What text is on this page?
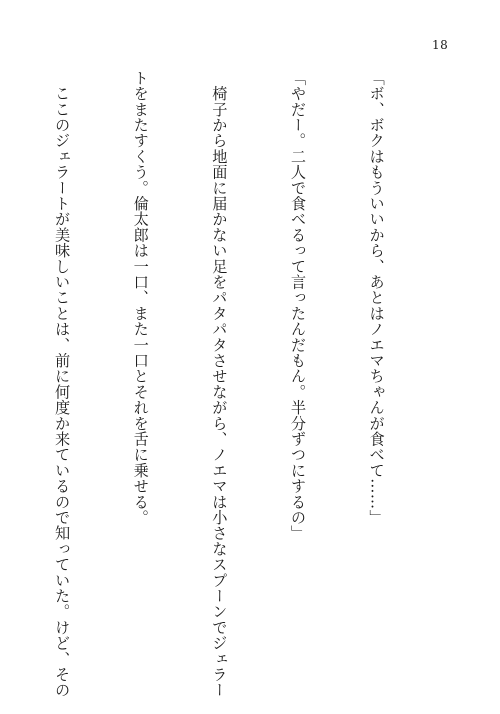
18

「ボ、ボクはもういいから、あとはノエマちゃんが食べて……」

「やだー。二人で食べるって言ったんだもん。半分ずつにするの」

　椅子から地面に届かない足をパタパタさせながら、ノエマは小さなスプーンでジェラー

トをまたすくう。倫太郎は一口、また一口とそれを舌に乗せる。

　ここのジェラートが美味しいことは、前に何度か来ているので知っていた。けど、その
